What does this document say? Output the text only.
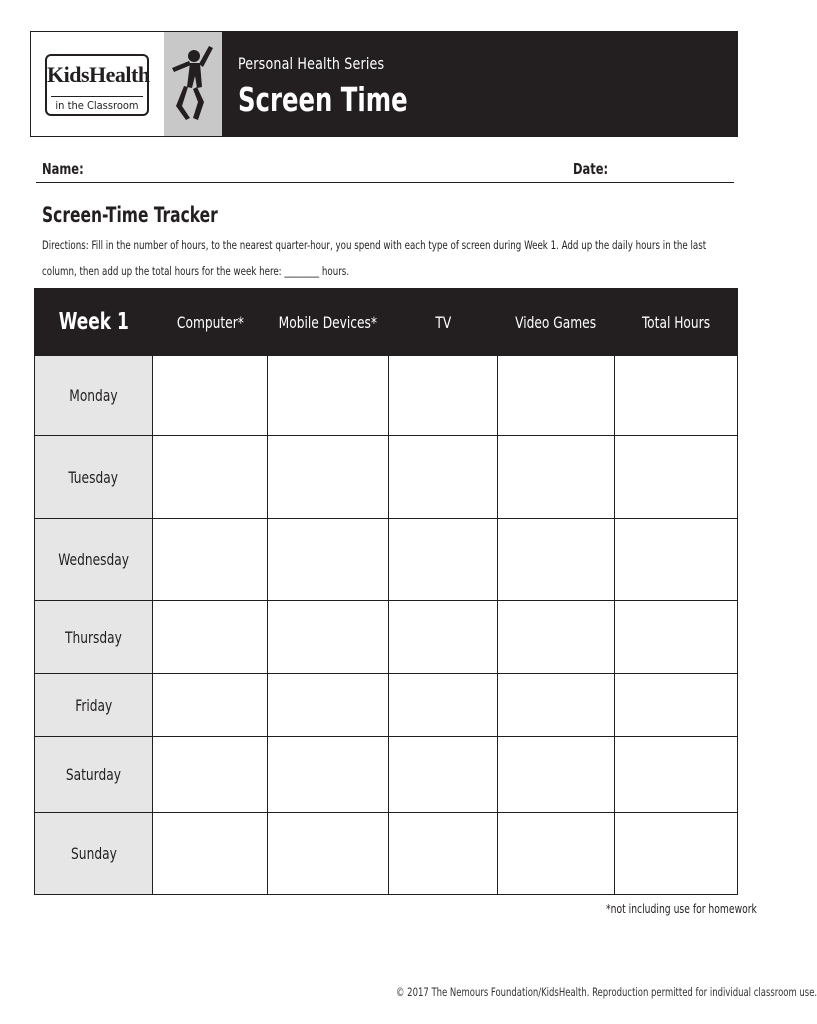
KidsHealth
in the Classroom
Personal Health Series
Screen Time
Name:	Date:
Screen-Time Tracker
Directions: Fill in the number of hours, to the nearest quarter-hour, you spend with each type of screen during Week 1. Add up the daily hours in the last column, then add up the total hours for the week here: ________ hours.
Week 1	Computer*	Mobile Devices*	TV	Video Games	Total Hours
Monday					
Tuesday					
Wednesday					
Thursday					
Friday					
Saturday					
Sunday					
*not including use for homework
© 2017 The Nemours Foundation/KidsHealth. Reproduction permitted for individual classroom use.
